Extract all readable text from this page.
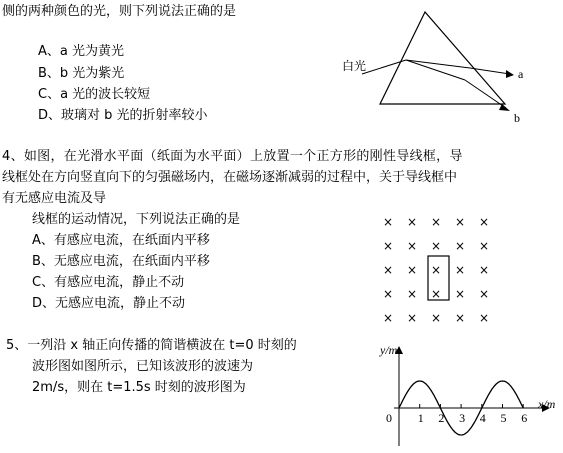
侧的两种颜色的光，则下列说法正确的是
A、a 光为黄光
B、b 光为紫光
C、a 光的波长较短
D、玻璃对 b 光的折射率较小
白光
a
b
4、如图，在光滑水平面（纸面为水平面）上放置一个正方形的刚性导线框，导
线框处在方向竖直向下的匀强磁场内，在磁场逐渐减弱的过程中，关于导线框中
有无感应电流及导
线框的运动情况，下列说法正确的是
A、有感应电流，在纸面内平移
B、无感应电流，在纸面内平移
C、有感应电流，静止不动
D、无感应电流，静止不动
× × × × ×
× × × × ×
× × × × ×
× × × × ×
× × × × ×
5、一列沿 x 轴正向传播的简谐横波在 t=0 时刻的
波形图如图所示，已知该波形的波速为
2m/s，则在 t=1.5s 时刻的波形图为
y/m
x/m
0 1 2 3 4 5 6
